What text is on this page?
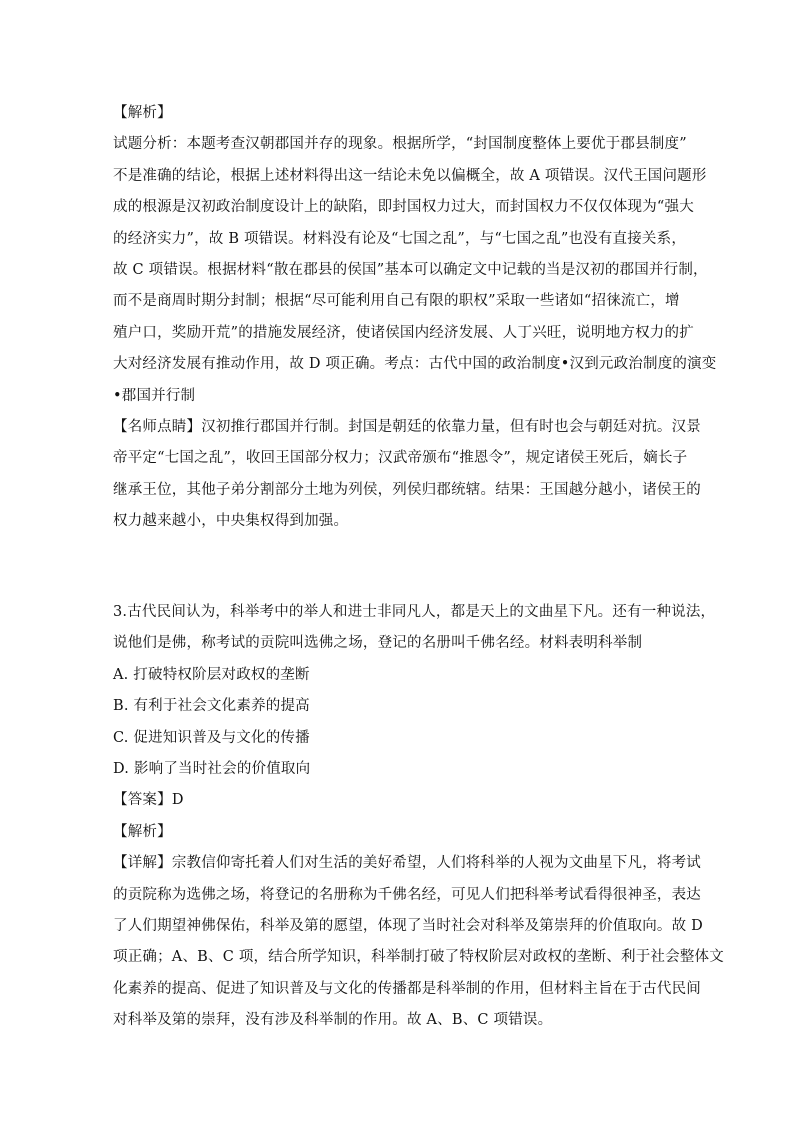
【解析】
试题分析：本题考查汉朝郡国并存的现象。根据所学，“封国制度整体上要优于郡县制度”
不是准确的结论，根据上述材料得出这一结论未免以偏概全，故 A 项错误。汉代王国问题形
成的根源是汉初政治制度设计上的缺陷，即封国权力过大，而封国权力不仅仅体现为“强大
的经济实力”，故 B 项错误。材料没有论及“七国之乱”，与“七国之乱”也没有直接关系，
故 C 项错误。根据材料“散在郡县的侯国”基本可以确定文中记载的当是汉初的郡国并行制，
而不是商周时期分封制；根据“尽可能利用自己有限的职权”采取一些诸如“招徕流亡，增
殖户口，奖励开荒”的措施发展经济，使诸侯国内经济发展、人丁兴旺，说明地方权力的扩
大对经济发展有推动作用，故 D 项正确。考点：古代中国的政治制度•汉到元政治制度的演变
•郡国并行制
【名师点睛】汉初推行郡国并行制。封国是朝廷的依靠力量，但有时也会与朝廷对抗。汉景
帝平定“七国之乱”，收回王国部分权力；汉武帝颁布“推恩令”，规定诸侯王死后，嫡长子
继承王位，其他子弟分割部分土地为列侯，列侯归郡统辖。结果：王国越分越小，诸侯王的
权力越来越小，中央集权得到加强。
3.古代民间认为，科举考中的举人和进士非同凡人，都是天上的文曲星下凡。还有一种说法，
说他们是佛，称考试的贡院叫选佛之场，登记的名册叫千佛名经。材料表明科举制
A. 打破特权阶层对政权的垄断
B. 有利于社会文化素养的提高
C. 促进知识普及与文化的传播
D. 影响了当时社会的价值取向
【答案】D
【解析】
【详解】宗教信仰寄托着人们对生活的美好希望，人们将科举的人视为文曲星下凡，将考试
的贡院称为选佛之场，将登记的名册称为千佛名经，可见人们把科举考试看得很神圣，表达
了人们期望神佛保佑，科举及第的愿望，体现了当时社会对科举及第崇拜的价值取向。故 D
项正确；A、B、C 项，结合所学知识，科举制打破了特权阶层对政权的垄断、利于社会整体文
化素养的提高、促进了知识普及与文化的传播都是科举制的作用，但材料主旨在于古代民间
对科举及第的崇拜，没有涉及科举制的作用。故 A、B、C 项错误。
